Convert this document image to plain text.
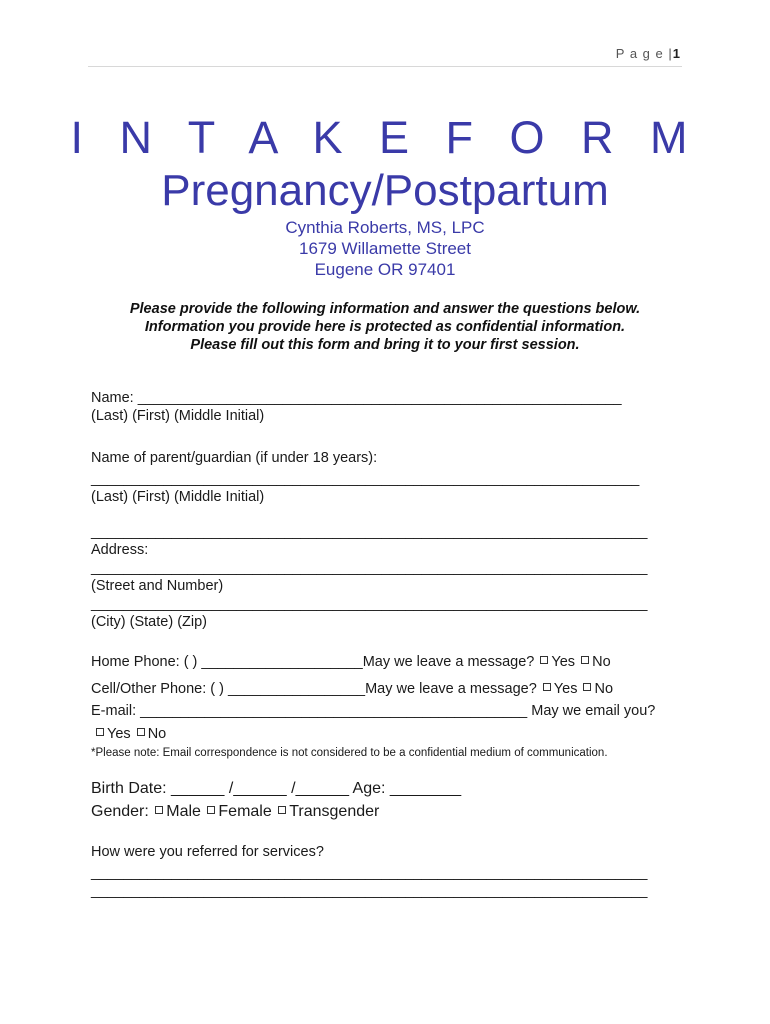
P a g e |1
I N T A K E F O R M
Pregnancy/Postpartum
Cynthia Roberts, MS, LPC
1679 Willamette Street
Eugene OR 97401
Please provide the following information and answer the questions below.
Information you provide here is protected as confidential information.
Please fill out this form and bring it to your first session.
Name: ____________________________________________________________
(Last) (First) (Middle Initial)
Name of parent/guardian (if under 18 years):
____________________________________________________________________
(Last) (First) (Middle Initial)
_____________________________________________________________________
Address:
_____________________________________________________________________
(Street and Number)
_____________________________________________________________________
(City) (State) (Zip)
Home Phone: ( ) ____________________May we leave a message? Yes No
Cell/Other Phone: ( ) _________________May we leave a message? Yes No
E-mail: ________________________________________________ May we email you?
Yes No
*Please note: Email correspondence is not considered to be a confidential medium of communication.
Birth Date: ______ /______ /______ Age: ________
Gender: Male Female Transgender
How were you referred for services?
_____________________________________________________________________
_____________________________________________________________________
